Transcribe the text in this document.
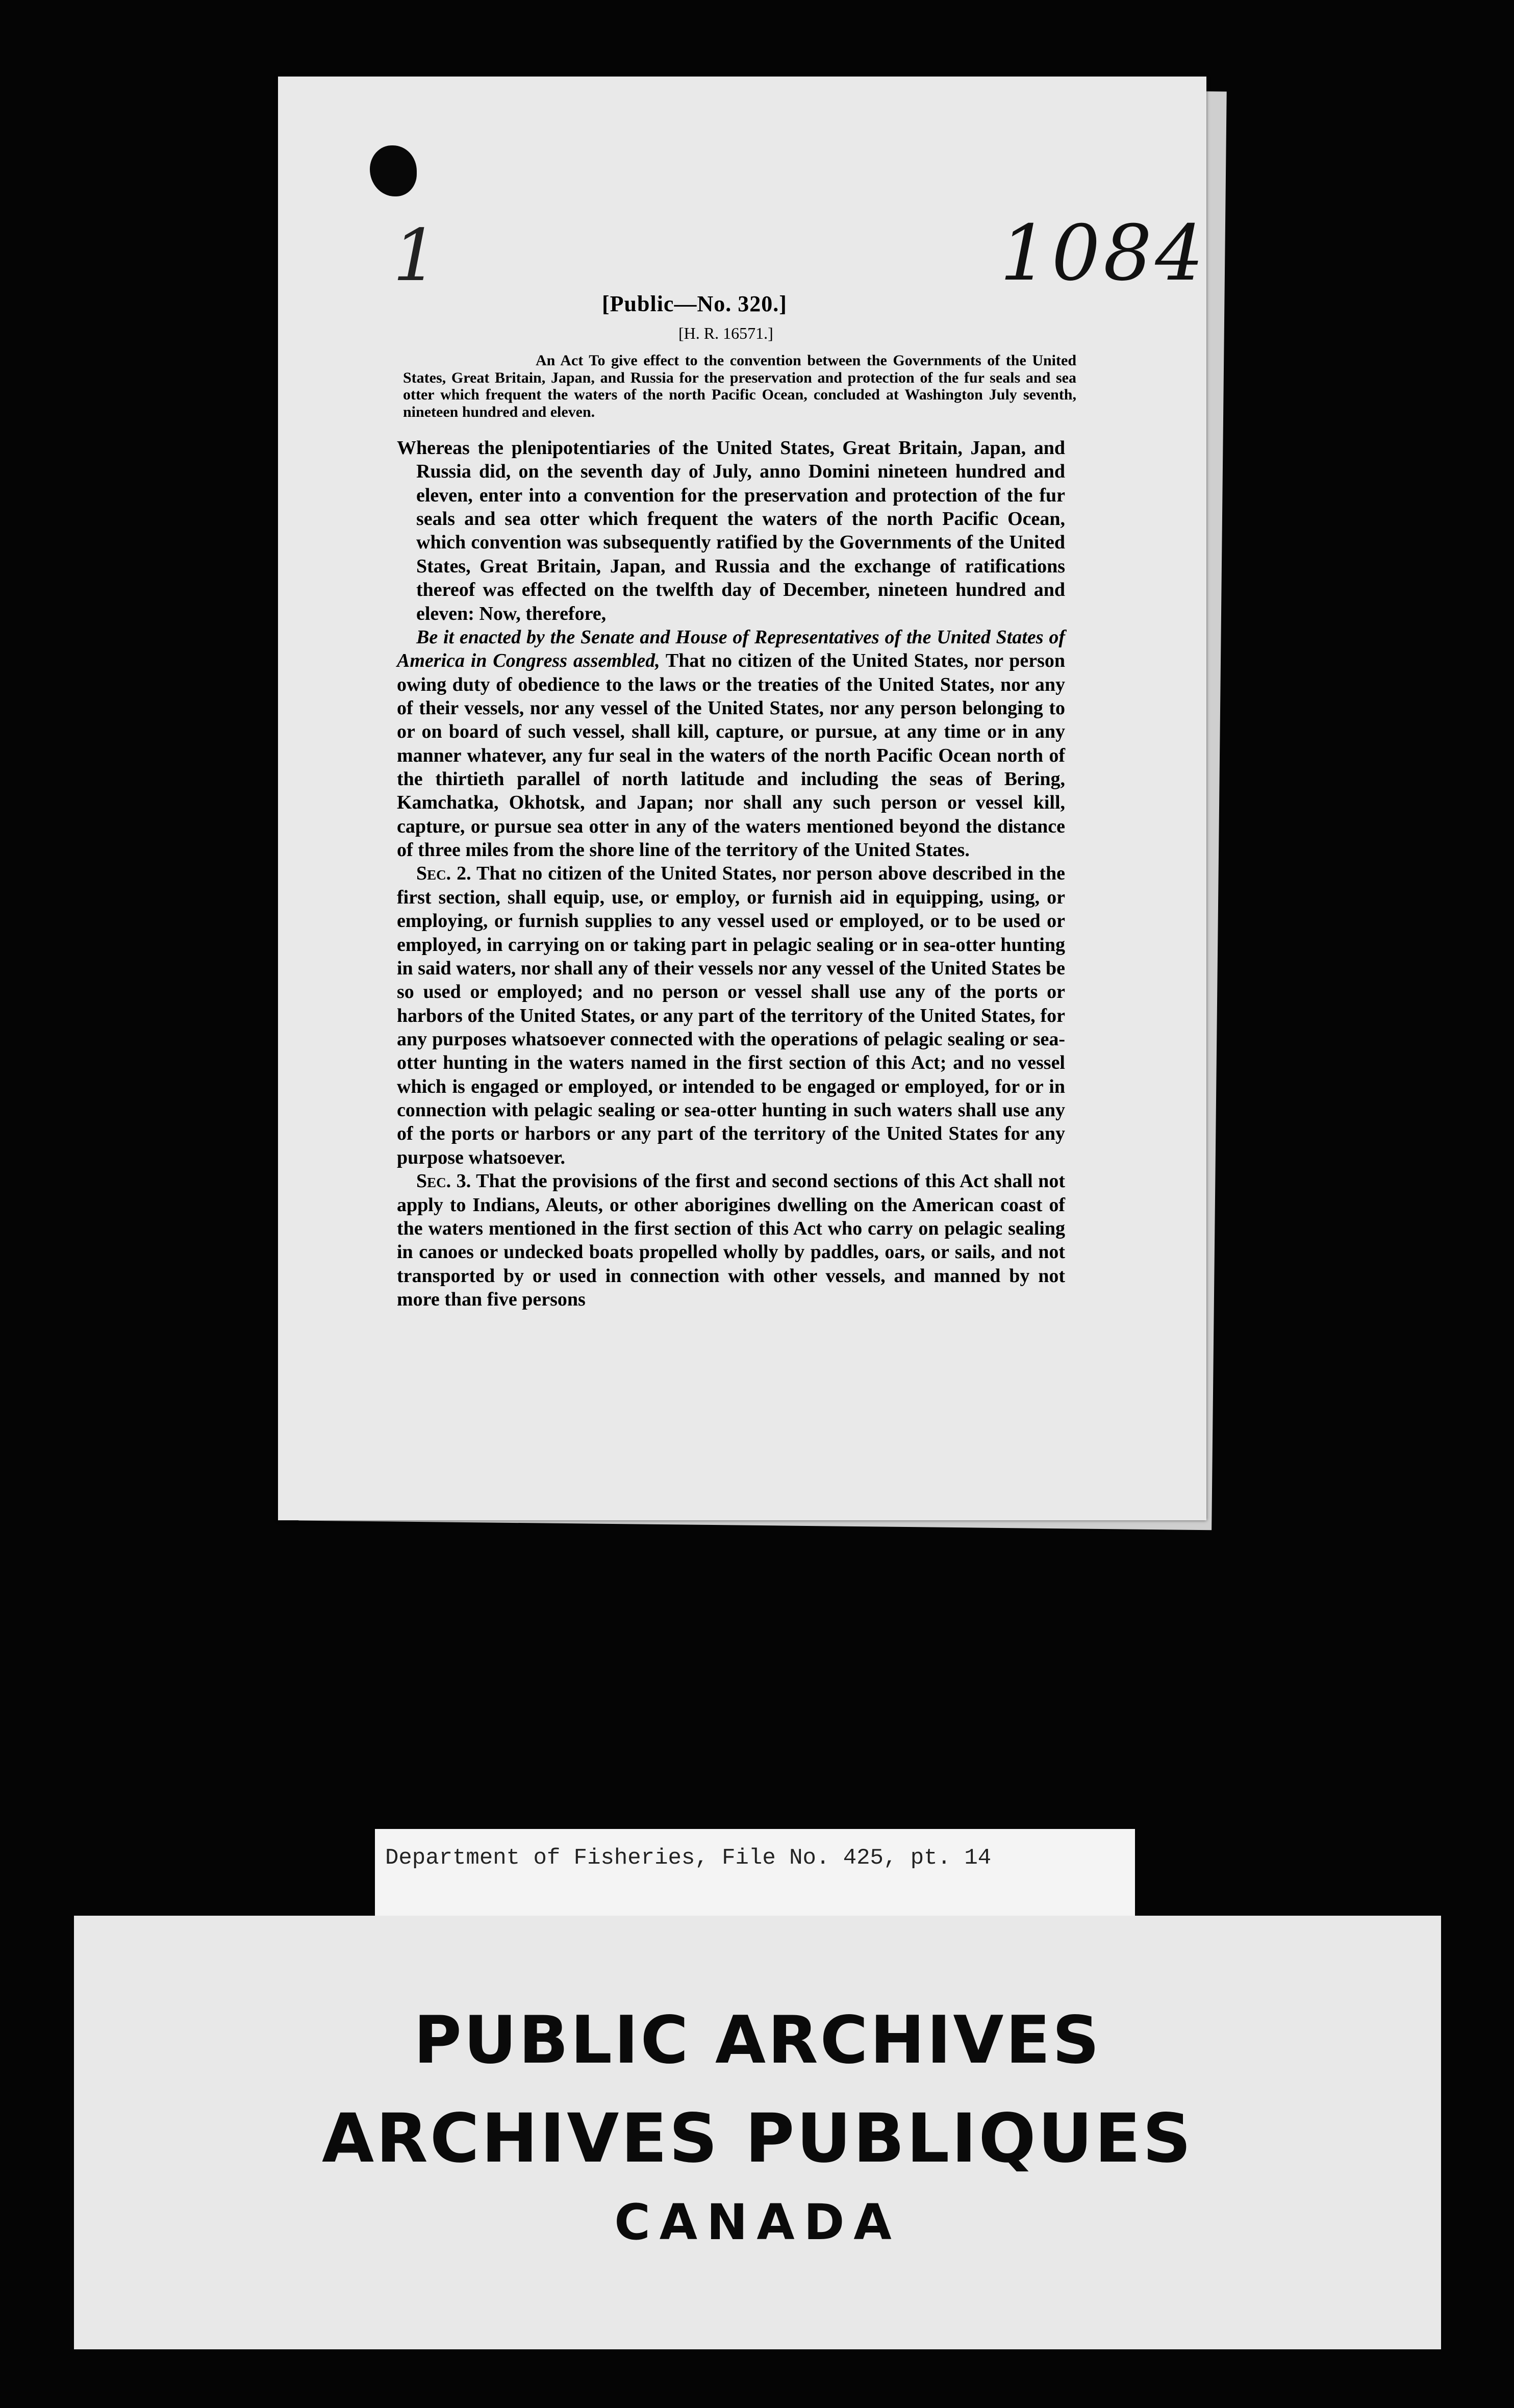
1	1084
[Public—No. 320.]
[H. R. 16571.]
An Act To give effect to the convention between the Governments of the United States, Great Britain, Japan, and Russia for the preservation and protection of the fur seals and sea otter which frequent the waters of the north Pacific Ocean, concluded at Washington July seventh, nineteen hundred and eleven.

Whereas the plenipotentiaries of the United States, Great Britain, Japan, and Russia did, on the seventh day of July, anno Domini nineteen hundred and eleven, enter into a convention for the preservation and protection of the fur seals and sea otter which frequent the waters of the north Pacific Ocean, which convention was subsequently ratified by the Governments of the United States, Great Britain, Japan, and Russia and the exchange of ratifications thereof was effected on the twelfth day of December, nineteen hundred and eleven: Now, therefore,

Be it enacted by the Senate and House of Representatives of the United States of America in Congress assembled, That no citizen of the United States, nor person owing duty of obedience to the laws or the treaties of the United States, nor any of their vessels, nor any vessel of the United States, nor any person belonging to or on board of such vessel, shall kill, capture, or pursue, at any time or in any manner whatever, any fur seal in the waters of the north Pacific Ocean north of the thirtieth parallel of north latitude and including the seas of Bering, Kamchatka, Okhotsk, and Japan; nor shall any such person or vessel kill, capture, or pursue sea otter in any of the waters mentioned beyond the distance of three miles from the shore line of the territory of the United States.

Sec. 2. That no citizen of the United States, nor person above described in the first section, shall equip, use, or employ, or furnish aid in equipping, using, or employing, or furnish supplies to any vessel used or employed, or to be used or employed, in carrying on or taking part in pelagic sealing or in sea-otter hunting in said waters, nor shall any of their vessels nor any vessel of the United States be so used or employed; and no person or vessel shall use any of the ports or harbors of the United States, or any part of the territory of the United States, for any purposes whatsoever connected with the operations of pelagic sealing or sea-otter hunting in the waters named in the first section of this Act; and no vessel which is engaged or employed, or intended to be engaged or employed, for or in connection with pelagic sealing or sea-otter hunting in such waters shall use any of the ports or harbors or any part of the territory of the United States for any purpose whatsoever.

Sec. 3. That the provisions of the first and second sections of this Act shall not apply to Indians, Aleuts, or other aborigines dwelling on the American coast of the waters mentioned in the first section of this Act who carry on pelagic sealing in canoes or undecked boats propelled wholly by paddles, oars, or sails, and not transported by or used in connection with other vessels, and manned by not more than five persons

Department of Fisheries, File No. 425, pt. 14
PUBLIC ARCHIVES
ARCHIVES PUBLIQUES
CANADA
